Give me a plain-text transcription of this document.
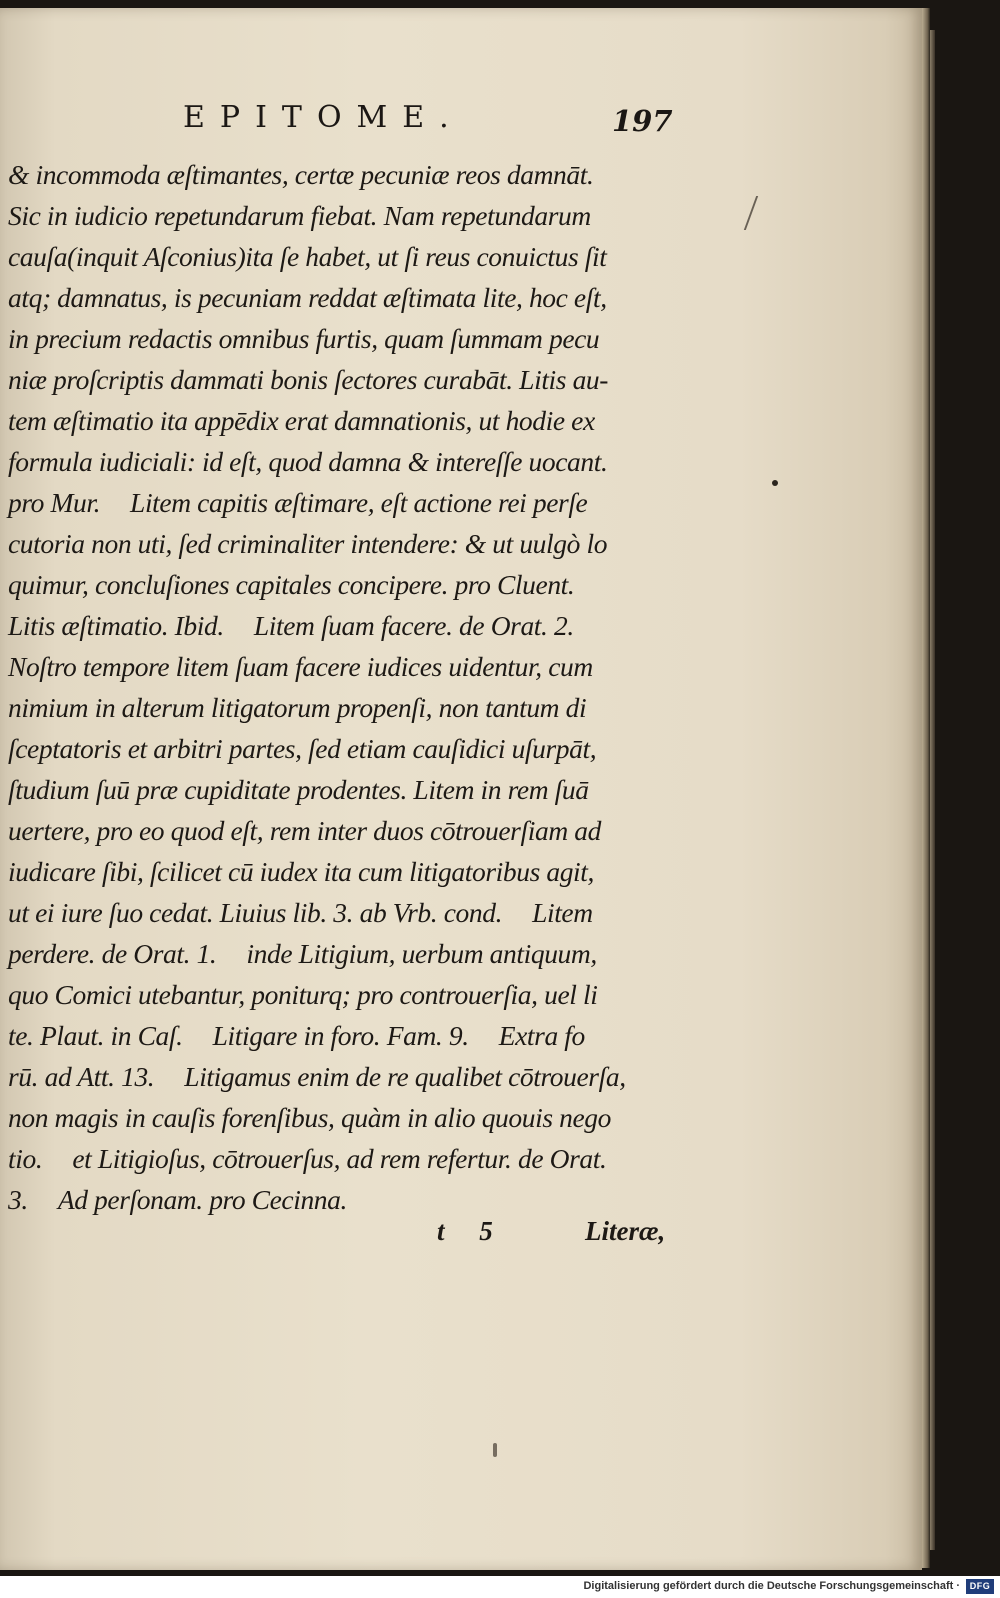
EPITOME.	197
& incommoda æſtimantes, certæ pecuniæ reos damnāt.
Sic in iudicio repetundarum fiebat. Nam repetundarum
cauſa(inquit Aſconius)ita ſe habet, ut ſi reus conuictus ſit
atq; damnatus, is pecuniam reddat æſtimata lite, hoc eſt,
in precium redactis omnibus furtis, quam ſummam pecu
niæ proſcriptis dammati bonis ſectores curabāt. Litis au-
tem æſtimatio ita appēdix erat damnationis, ut hodie ex
formula iudiciali: id eſt, quod damna & intereſſe uocant.
pro Mur. Litem capitis æſtimare, eſt actione rei perſe
cutoria non uti, ſed criminaliter intendere: & ut uulgò lo
quimur, concluſiones capitales concipere. pro Cluent.
Litis æſtimatio. Ibid. Litem ſuam facere. de Orat. 2.
Noſtro tempore litem ſuam facere iudices uidentur, cum
nimium in alterum litigatorum propenſi, non tantum di
ſceptatoris et arbitri partes, ſed etiam cauſidici uſurpāt,
ſtudium ſuū præ cupiditate prodentes. Litem in rem ſuā
uertere, pro eo quod eſt, rem inter duos cōtrouerſiam ad
iudicare ſibi, ſcilicet cū iudex ita cum litigatoribus agit,
ut ei iure ſuo cedat. Liuius lib. 3. ab Vrb. cond. Litem
perdere. de Orat. 1. inde Litigium, uerbum antiquum,
quo Comici utebantur, poniturq; pro controuerſia, uel li
te. Plaut. in Caſ. Litigare in foro. Fam. 9. Extra fo
rū. ad Att. 13. Litigamus enim de re qualibet cōtrouerſa,
non magis in cauſis forenſibus, quàm in alio quouis nego
tio. et Litigioſus, cōtrouerſus, ad rem refertur. de Orat.
3. Ad perſonam. pro Cecinna.
t 5	Literæ,
Digitalisierung gefördert durch die Deutsche Forschungsgemeinschaft ·	DFG
